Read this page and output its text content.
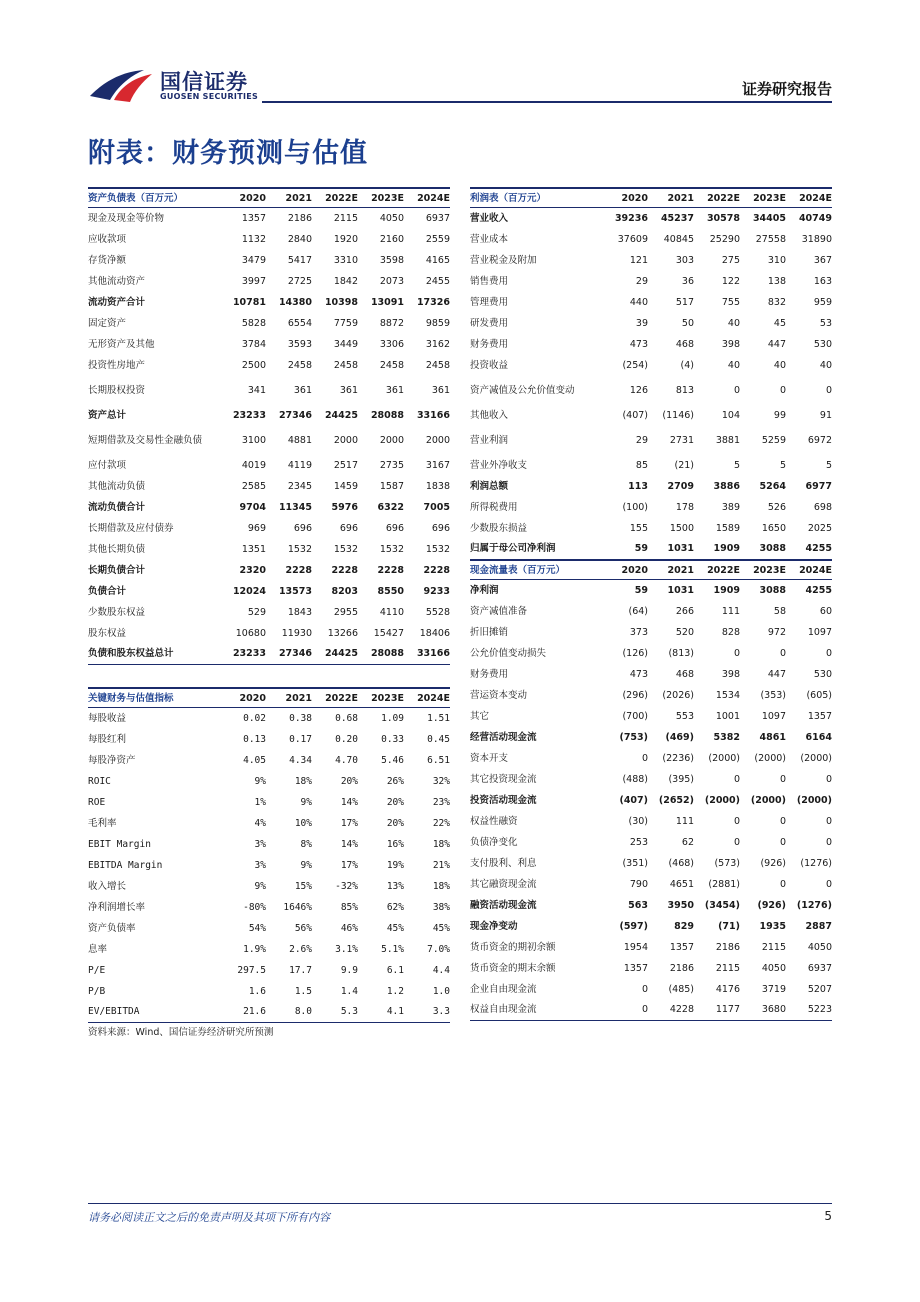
国信证券
GUOSEN SECURITIES	证券研究报告
附表：财务预测与估值
资产负债表（百万元）	2020	2021	2022E	2023E	2024E
现金及现金等价物	1357	2186	2115	4050	6937
应收款项	1132	2840	1920	2160	2559
存货净额	3479	5417	3310	3598	4165
其他流动资产	3997	2725	1842	2073	2455
流动资产合计	10781	14380	10398	13091	17326
固定资产	5828	6554	7759	8872	9859
无形资产及其他	3784	3593	3449	3306	3162
投资性房地产	2500	2458	2458	2458	2458
长期股权投资	341	361	361	361	361
资产总计	23233	27346	24425	28088	33166
短期借款及交易性金融负债	3100	4881	2000	2000	2000
应付款项	4019	4119	2517	2735	3167
其他流动负债	2585	2345	1459	1587	1838
流动负债合计	9704	11345	5976	6322	7005
长期借款及应付债券	969	696	696	696	696
其他长期负债	1351	1532	1532	1532	1532
长期负债合计	2320	2228	2228	2228	2228
负债合计	12024	13573	8203	8550	9233
少数股东权益	529	1843	2955	4110	5528
股东权益	10680	11930	13266	15427	18406
负债和股东权益总计	23233	27346	24425	28088	33166
关键财务与估值指标	2020	2021	2022E	2023E	2024E
每股收益	0.02	0.38	0.68	1.09	1.51
每股红利	0.13	0.17	0.20	0.33	0.45
每股净资产	4.05	4.34	4.70	5.46	6.51
ROIC	9%	18%	20%	26%	32%
ROE	1%	9%	14%	20%	23%
毛利率	4%	10%	17%	20%	22%
EBIT Margin	3%	8%	14%	16%	18%
EBITDA Margin	3%	9%	17%	19%	21%
收入增长	9%	15%	-32%	13%	18%
净利润增长率	-80%	1646%	85%	62%	38%
资产负债率	54%	56%	46%	45%	45%
息率	1.9%	2.6%	3.1%	5.1%	7.0%
P/E	297.5	17.7	9.9	6.1	4.4
P/B	1.6	1.5	1.4	1.2	1.0
EV/EBITDA	21.6	8.0	5.3	4.1	3.3
利润表（百万元）	2020	2021	2022E	2023E	2024E
营业收入	39236	45237	30578	34405	40749
营业成本	37609	40845	25290	27558	31890
营业税金及附加	121	303	275	310	367
销售费用	29	36	122	138	163
管理费用	440	517	755	832	959
研发费用	39	50	40	45	53
财务费用	473	468	398	447	530
投资收益	(254)	(4)	40	40	40
资产减值及公允价值变动	126	813	0	0	0
其他收入	(407)	(1146)	104	99	91
营业利润	29	2731	3881	5259	6972
营业外净收支	85	(21)	5	5	5
利润总额	113	2709	3886	5264	6977
所得税费用	(100)	178	389	526	698
少数股东损益	155	1500	1589	1650	2025
归属于母公司净利润	59	1031	1909	3088	4255
现金流量表（百万元）	2020	2021	2022E	2023E	2024E
净利润	59	1031	1909	3088	4255
资产减值准备	(64)	266	111	58	60
折旧摊销	373	520	828	972	1097
公允价值变动损失	(126)	(813)	0	0	0
财务费用	473	468	398	447	530
营运资本变动	(296)	(2026)	1534	(353)	(605)
其它	(700)	553	1001	1097	1357
经营活动现金流	(753)	(469)	5382	4861	6164
资本开支	0	(2236)	(2000)	(2000)	(2000)
其它投资现金流	(488)	(395)	0	0	0
投资活动现金流	(407)	(2652)	(2000)	(2000)	(2000)
权益性融资	(30)	111	0	0	0
负债净变化	253	62	0	0	0
支付股利、利息	(351)	(468)	(573)	(926)	(1276)
其它融资现金流	790	4651	(2881)	0	0
融资活动现金流	563	3950	(3454)	(926)	(1276)
现金净变动	(597)	829	(71)	1935	2887
货币资金的期初余额	1954	1357	2186	2115	4050
货币资金的期末余额	1357	2186	2115	4050	6937
企业自由现金流	0	(485)	4176	3719	5207
权益自由现金流	0	4228	1177	3680	5223
资料来源：Wind、国信证券经济研究所预测
请务必阅读正文之后的免责声明及其项下所有内容	5
